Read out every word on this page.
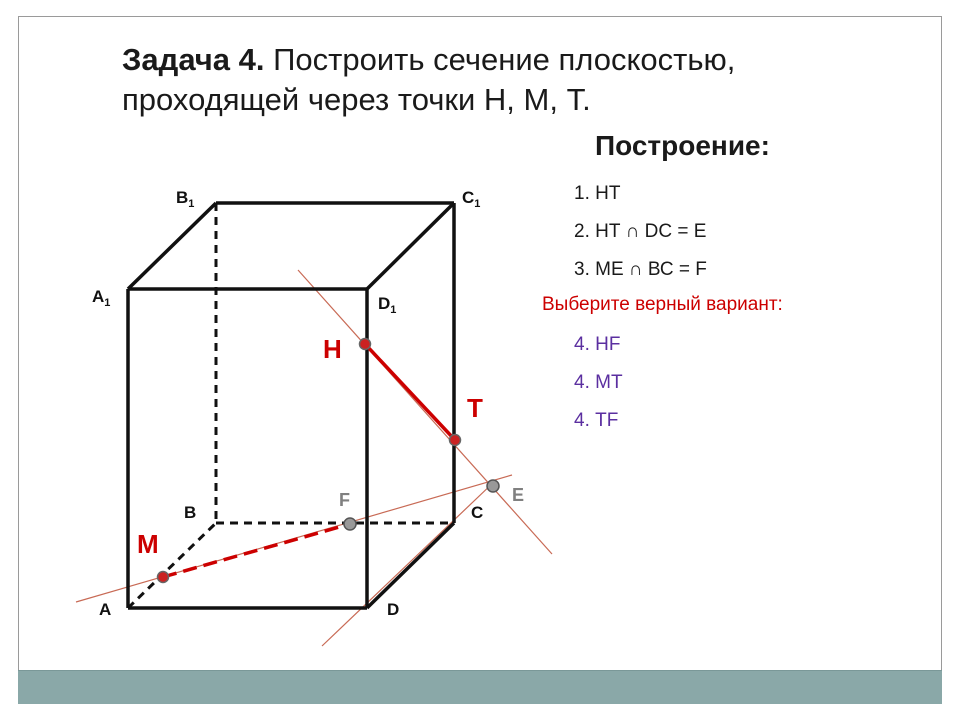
Задача 4. Построить сечение плоскостью,
проходящей через точки Н, М, Т.
Построение:
1. НТ
2. НТ ∩ DC = E
3. МЕ ∩ ВС = F
Выберите верный вариант:
4. НF
4. МТ
4. ТF
$B_1$	$C_1$
$A_1$	$D_1$
B	C
A	D
Н
Т
М
F	E
